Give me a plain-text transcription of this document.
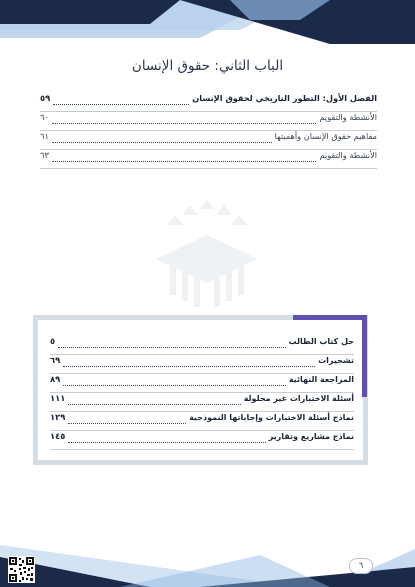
الباب الثاني: حقوق الإنسان
الفصل الأول: التطور التاريخي لحقوق الإنسان
٥٩
الأنشطة والتقويم
٦٠
مفاهيم حقوق الإنسان وأهميتها
٦١
الأنشطة والتقويم
٦٣
حل كتاب الطالب
٥
تشجيرات
٦٩
المراجعة النهائية
٨٩
أسئلة الاختبارات غير محلولة
١١١
نماذج أسئلة الاختبارات وإجاباتها النموذجية
١٢٩
نماذج مشاريع وتقارير
١٤٥
٦
